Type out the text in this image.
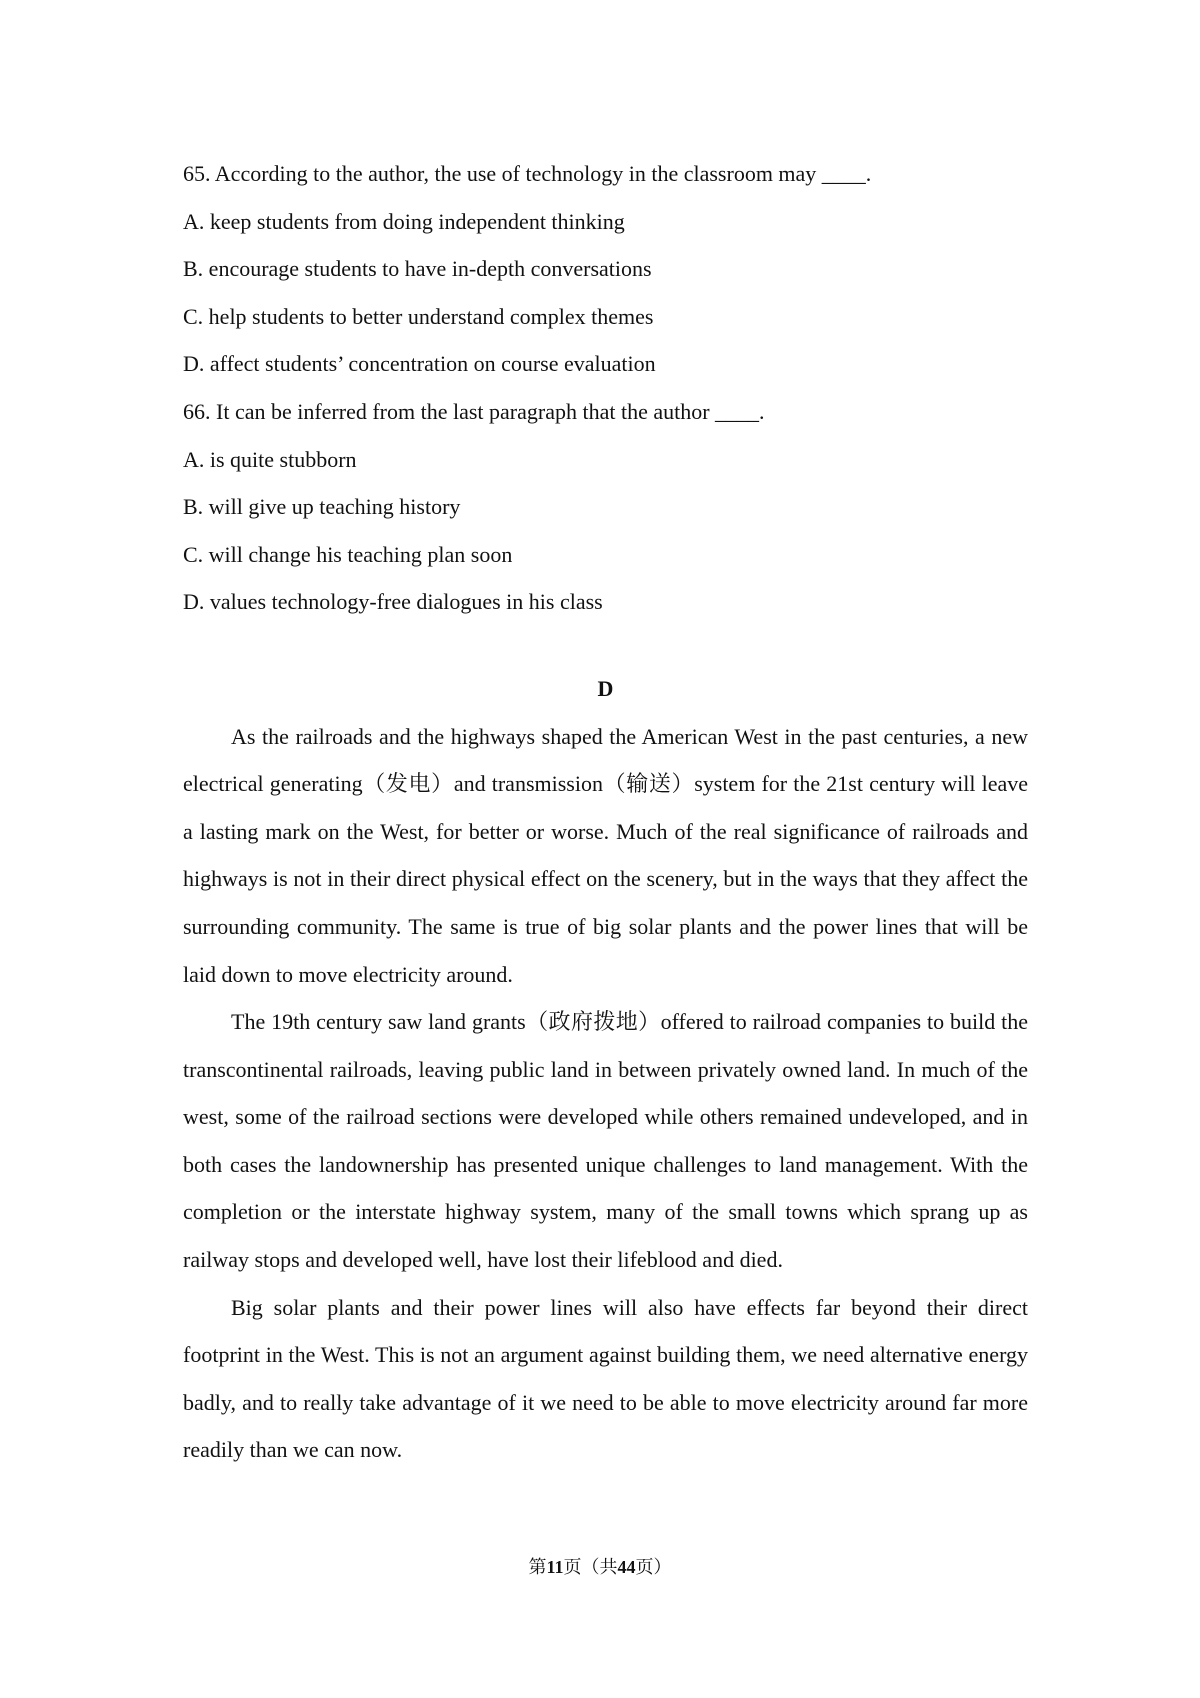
65. According to the author, the use of technology in the classroom may ____.

A. keep students from doing independent thinking

B. encourage students to have in-depth conversations

C. help students to better understand complex themes

D. affect students’ concentration on course evaluation

66. It can be inferred from the last paragraph that the author ____.

A. is quite stubborn

B. will give up teaching history

C. will change his teaching plan soon

D. values technology-free dialogues in his class

D

As the railroads and the highways shaped the American West in the past centuries, a new electrical generating（发电）and transmission（输送）system for the 21st century will leave a lasting mark on the West, for better or worse. Much of the real significance of railroads and highways is not in their direct physical effect on the scenery, but in the ways that they affect the surrounding community. The same is true of big solar plants and the power lines that will be laid down to move electricity around.

The 19th century saw land grants（政府拨地）offered to railroad companies to build the transcontinental railroads, leaving public land in between privately owned land. In much of the west, some of the railroad sections were developed while others remained undeveloped, and in both cases the landownership has presented unique challenges to land management. With the completion or the interstate highway system, many of the small towns which sprang up as railway stops and developed well, have lost their lifeblood and died.

Big solar plants and their power lines will also have effects far beyond their direct footprint in the West. This is not an argument against building them, we need alternative energy badly, and to really take advantage of it we need to be able to move electricity around far more readily than we can now.

第11页（共44页）
